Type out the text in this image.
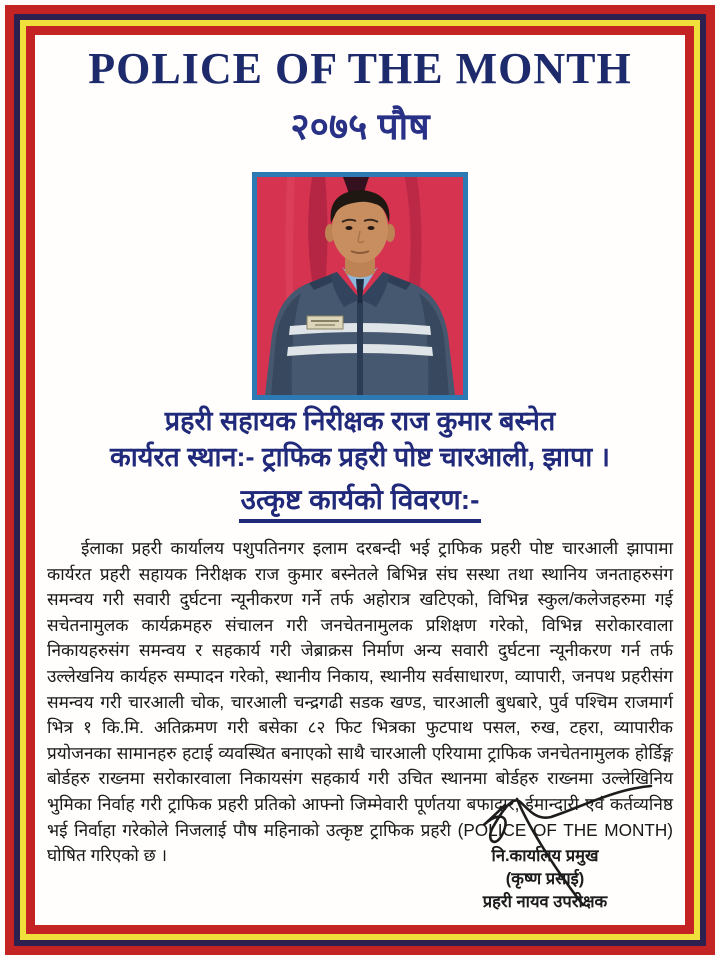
POLICE OF THE MONTH
२०७५ पौष
प्रहरी सहायक निरीक्षक राज कुमार बस्नेत
कार्यरत स्थान:- ट्राफिक प्रहरी पोष्ट चारआली, झापा ।
उत्कृष्ट कार्यको विवरण:-
ईलाका प्रहरी कार्यालय पशुपतिनगर इलाम दरबन्दी भई ट्राफिक प्रहरी पोष्ट चारआली झापामा कार्यरत प्रहरी सहायक निरीक्षक राज कुमार बस्नेतले बिभिन्न संघ सस्था तथा स्थानिय जनताहरुसंग समन्वय गरी सवारी दुर्घटना न्यूनीकरण गर्ने तर्फ अहोरात्र खटिएको, विभिन्न स्कुल/कलेजहरुमा गई सचेतनामुलक कार्यक्रमहरु संचालन गरी जनचेतनामुलक प्रशिक्षण गरेको, विभिन्न सरोकारवाला निकायहरुसंग समन्वय र सहकार्य गरी जेब्राक्रस निर्माण अन्य सवारी दुर्घटना न्यूनीकरण गर्न तर्फ उल्लेखनिय कार्यहरु सम्पादन गरेको, स्थानीय निकाय, स्थानीय सर्वसाधारण, व्यापारी, जनपथ प्रहरीसंग समन्वय गरी चारआली चोक, चारआली चन्द्रगढी सडक खण्ड, चारआली बुधबारे, पुर्व पश्चिम राजमार्ग भित्र १ कि.मि. अतिक्रमण गरी बसेका ८२ फिट भित्रका फुटपाथ पसल, रुख, टहरा, व्यापारीक प्रयोजनका सामानहरु हटाई व्यवस्थित बनाएको साथै चारआली एरियामा ट्राफिक जनचेतनामुलक होर्डिङ्ग बोर्डहरु राख्नमा सरोकारवाला निकायसंग सहकार्य गरी उचित स्थानमा बोर्डहरु राख्नमा उल्लेखिनिय भुमिका निर्वाह गरी ट्राफिक प्रहरी प्रतिको आफ्नो जिम्मेवारी पूर्णतया बफादार, ईमान्दारी एवं कर्तव्यनिष्ठ भई निर्वाहा गरेकोले निजलाई पौष महिनाको उत्कृष्ट ट्राफिक प्रहरी (POLICE OF THE MONTH) घोषित गरिएको छ ।	नि.कार्यालय प्रमुख
(कृष्ण प्रसाई)
प्रहरी नायव उपरीक्षक
